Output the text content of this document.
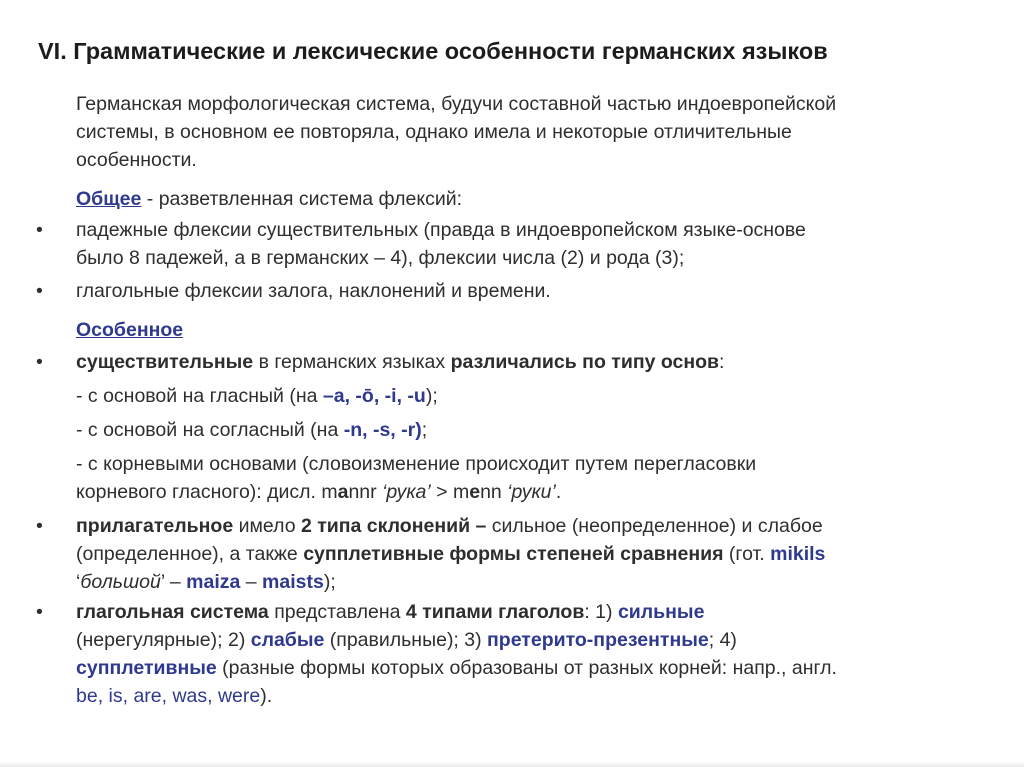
VI. Грамматические и лексические особенности германских языков
Германская морфологическая система, будучи составной частью индоевропейской
системы, в основном ее повторяла, однако имела и некоторые отличительные
особенности.
Общее - разветвленная система флексий:
• падежные флексии существительных (правда в индоевропейском языке-основе
было 8 падежей, а в германских – 4), флексии числа (2) и рода (3);
• глагольные флексии залога, наклонений и времени.
Особенное
• существительные в германских языках различались по типу основ:
- с основой на гласный (на –a, -ō, -i, -u);
- с основой на согласный (на -n, -s, -r);
- с корневыми основами (словоизменение происходит путем перегласовки
корневого гласного): дисл. mannr ‘рука’ > menn ‘руки’.
• прилагательное имело 2 типа склонений – сильное (неопределенное) и слабое
(определенное), а также супплетивные формы степеней сравнения (гот. mikils
‘большой’ – maiza – maists);
• глагольная система представлена 4 типами глаголов: 1) сильные
(нерегулярные); 2) слабые (правильные); 3) претерито-презентные; 4)
супплетивные (разные формы которых образованы от разных корней: напр., англ.
be, is, are, was, were).
